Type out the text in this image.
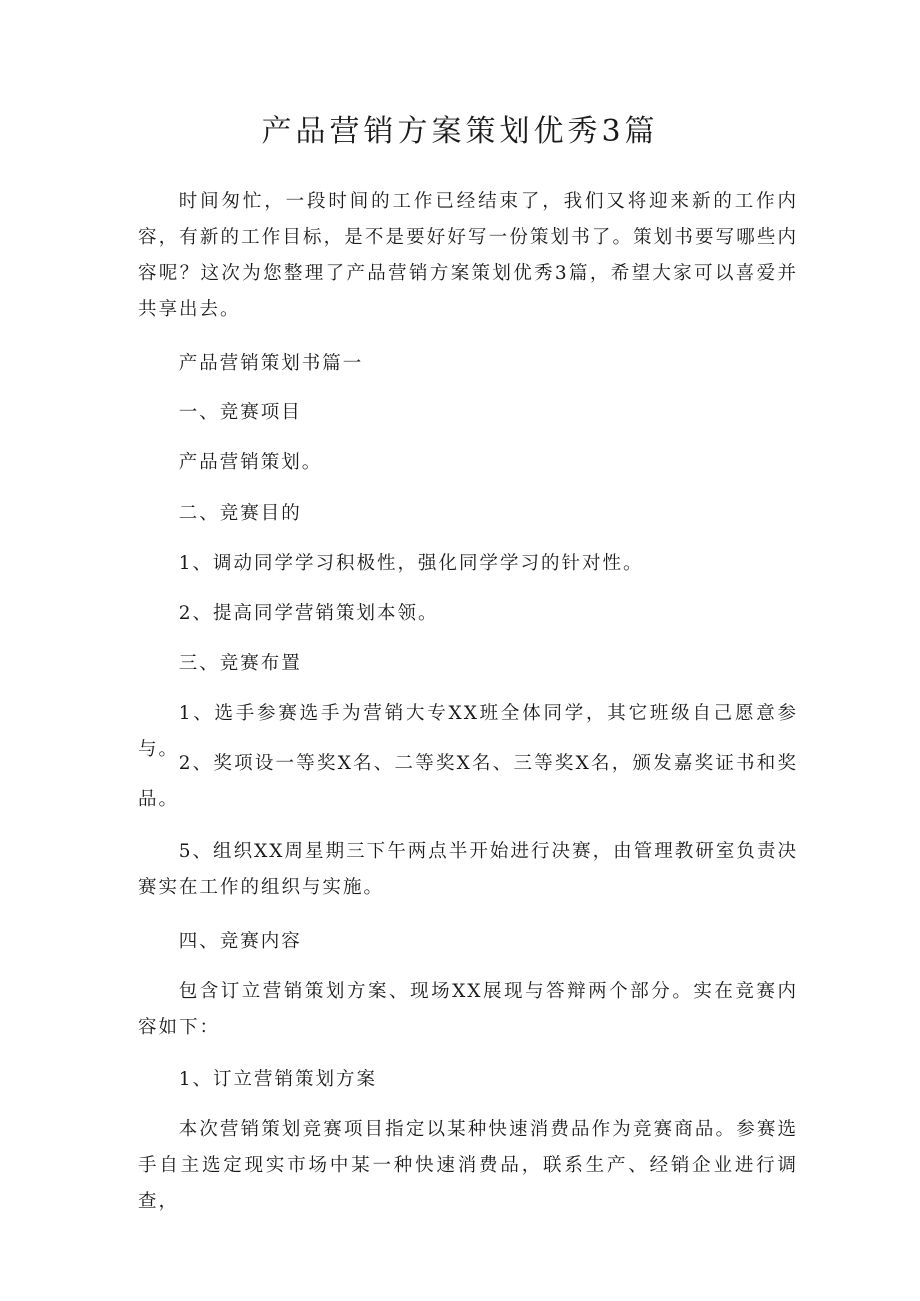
产品营销方案策划优秀3篇

时间匆忙，一段时间的工作已经结束了，我们又将迎来新的工作内容，有新的工作目标，是不是要好好写一份策划书了。策划书要写哪些内容呢？这次为您整理了产品营销方案策划优秀3篇，希望大家可以喜爱并共享出去。

产品营销策划书篇一

一、竞赛项目

产品营销策划。

二、竞赛目的

1、调动同学学习积极性，强化同学学习的针对性。

2、提高同学营销策划本领。

三、竞赛布置

1、选手参赛选手为营销大专XX班全体同学，其它班级自己愿意参与。

2、奖项设一等奖X名、二等奖X名、三等奖X名，颁发嘉奖证书和奖品。

5、组织XX周星期三下午两点半开始进行决赛，由管理教研室负责决赛实在工作的组织与实施。

四、竞赛内容

包含订立营销策划方案、现场XX展现与答辩两个部分。实在竞赛内容如下：

1、订立营销策划方案

本次营销策划竞赛项目指定以某种快速消费品作为竞赛商品。参赛选手自主选定现实市场中某一种快速消费品，联系生产、经销企业进行调查，
